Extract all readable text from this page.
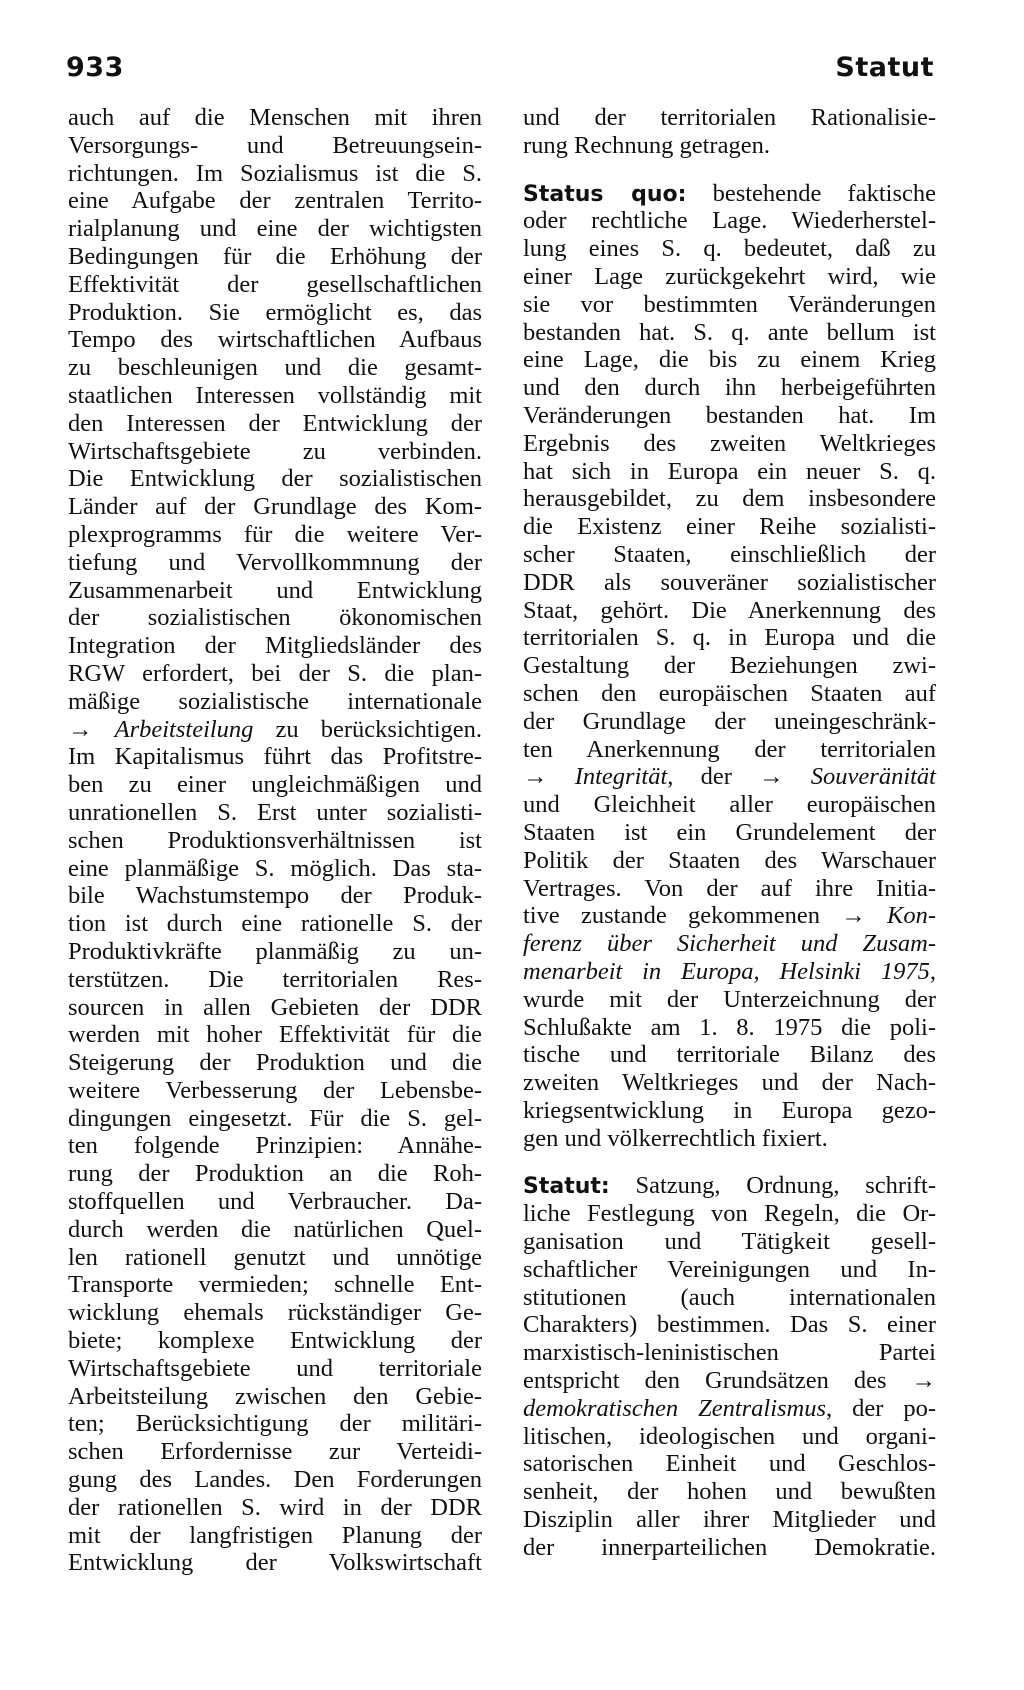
933	Statut
auch auf die Menschen mit ihren
Versorgungs- und Betreuungsein-
richtungen. Im Sozialismus ist die S.
eine Aufgabe der zentralen Territo-
rialplanung und eine der wichtigsten
Bedingungen für die Erhöhung der
Effektivität der gesellschaftlichen
Produktion. Sie ermöglicht es, das
Tempo des wirtschaftlichen Aufbaus
zu beschleunigen und die gesamt-
staatlichen Interessen vollständig mit
den Interessen der Entwicklung der
Wirtschaftsgebiete zu verbinden.
Die Entwicklung der sozialistischen
Länder auf der Grundlage des Kom-
plexprogramms für die weitere Ver-
tiefung und Vervollkommnung der
Zusammenarbeit und Entwicklung
der sozialistischen ökonomischen
Integration der Mitgliedsländer des
RGW erfordert, bei der S. die plan-
mäßige sozialistische internationale
→ Arbeitsteilung zu berücksichtigen.
Im Kapitalismus führt das Profitstre-
ben zu einer ungleichmäßigen und
unrationellen S. Erst unter sozialisti-
schen Produktionsverhältnissen ist
eine planmäßige S. möglich. Das sta-
bile Wachstumstempo der Produk-
tion ist durch eine rationelle S. der
Produktivkräfte planmäßig zu un-
terstützen. Die territorialen Res-
sourcen in allen Gebieten der DDR
werden mit hoher Effektivität für die
Steigerung der Produktion und die
weitere Verbesserung der Lebensbe-
dingungen eingesetzt. Für die S. gel-
ten folgende Prinzipien: Annähe-
rung der Produktion an die Roh-
stoffquellen und Verbraucher. Da-
durch werden die natürlichen Quel-
len rationell genutzt und unnötige
Transporte vermieden; schnelle Ent-
wicklung ehemals rückständiger Ge-
biete; komplexe Entwicklung der
Wirtschaftsgebiete und territoriale
Arbeitsteilung zwischen den Gebie-
ten; Berücksichtigung der militäri-
schen Erfordernisse zur Verteidi-
gung des Landes. Den Forderungen
der rationellen S. wird in der DDR
mit der langfristigen Planung der
Entwicklung der Volkswirtschaft
und der territorialen Rationalisie-
rung Rechnung getragen.
Status quo: bestehende faktische
oder rechtliche Lage. Wiederherstel-
lung eines S. q. bedeutet, daß zu
einer Lage zurückgekehrt wird, wie
sie vor bestimmten Veränderungen
bestanden hat. S. q. ante bellum ist
eine Lage, die bis zu einem Krieg
und den durch ihn herbeigeführten
Veränderungen bestanden hat. Im
Ergebnis des zweiten Weltkrieges
hat sich in Europa ein neuer S. q.
herausgebildet, zu dem insbesondere
die Existenz einer Reihe sozialisti-
scher Staaten, einschließlich der
DDR als souveräner sozialistischer
Staat, gehört. Die Anerkennung des
territorialen S. q. in Europa und die
Gestaltung der Beziehungen zwi-
schen den europäischen Staaten auf
der Grundlage der uneingeschränk-
ten Anerkennung der territorialen
→ Integrität, der → Souveränität
und Gleichheit aller europäischen
Staaten ist ein Grundelement der
Politik der Staaten des Warschauer
Vertrages. Von der auf ihre Initia-
tive zustande gekommenen → Kon-
ferenz über Sicherheit und Zusam-
menarbeit in Europa, Helsinki 1975,
wurde mit der Unterzeichnung der
Schlußakte am 1. 8. 1975 die poli-
tische und territoriale Bilanz des
zweiten Weltkrieges und der Nach-
kriegsentwicklung in Europa gezo-
gen und völkerrechtlich fixiert.
Statut: Satzung, Ordnung, schrift-
liche Festlegung von Regeln, die Or-
ganisation und Tätigkeit gesell-
schaftlicher Vereinigungen und In-
stitutionen (auch internationalen
Charakters) bestimmen. Das S. einer
marxistisch-leninistischen Partei
entspricht den Grundsätzen des →
demokratischen Zentralismus, der po-
litischen, ideologischen und organi-
satorischen Einheit und Geschlos-
senheit, der hohen und bewußten
Disziplin aller ihrer Mitglieder und
der innerparteilichen Demokratie.
